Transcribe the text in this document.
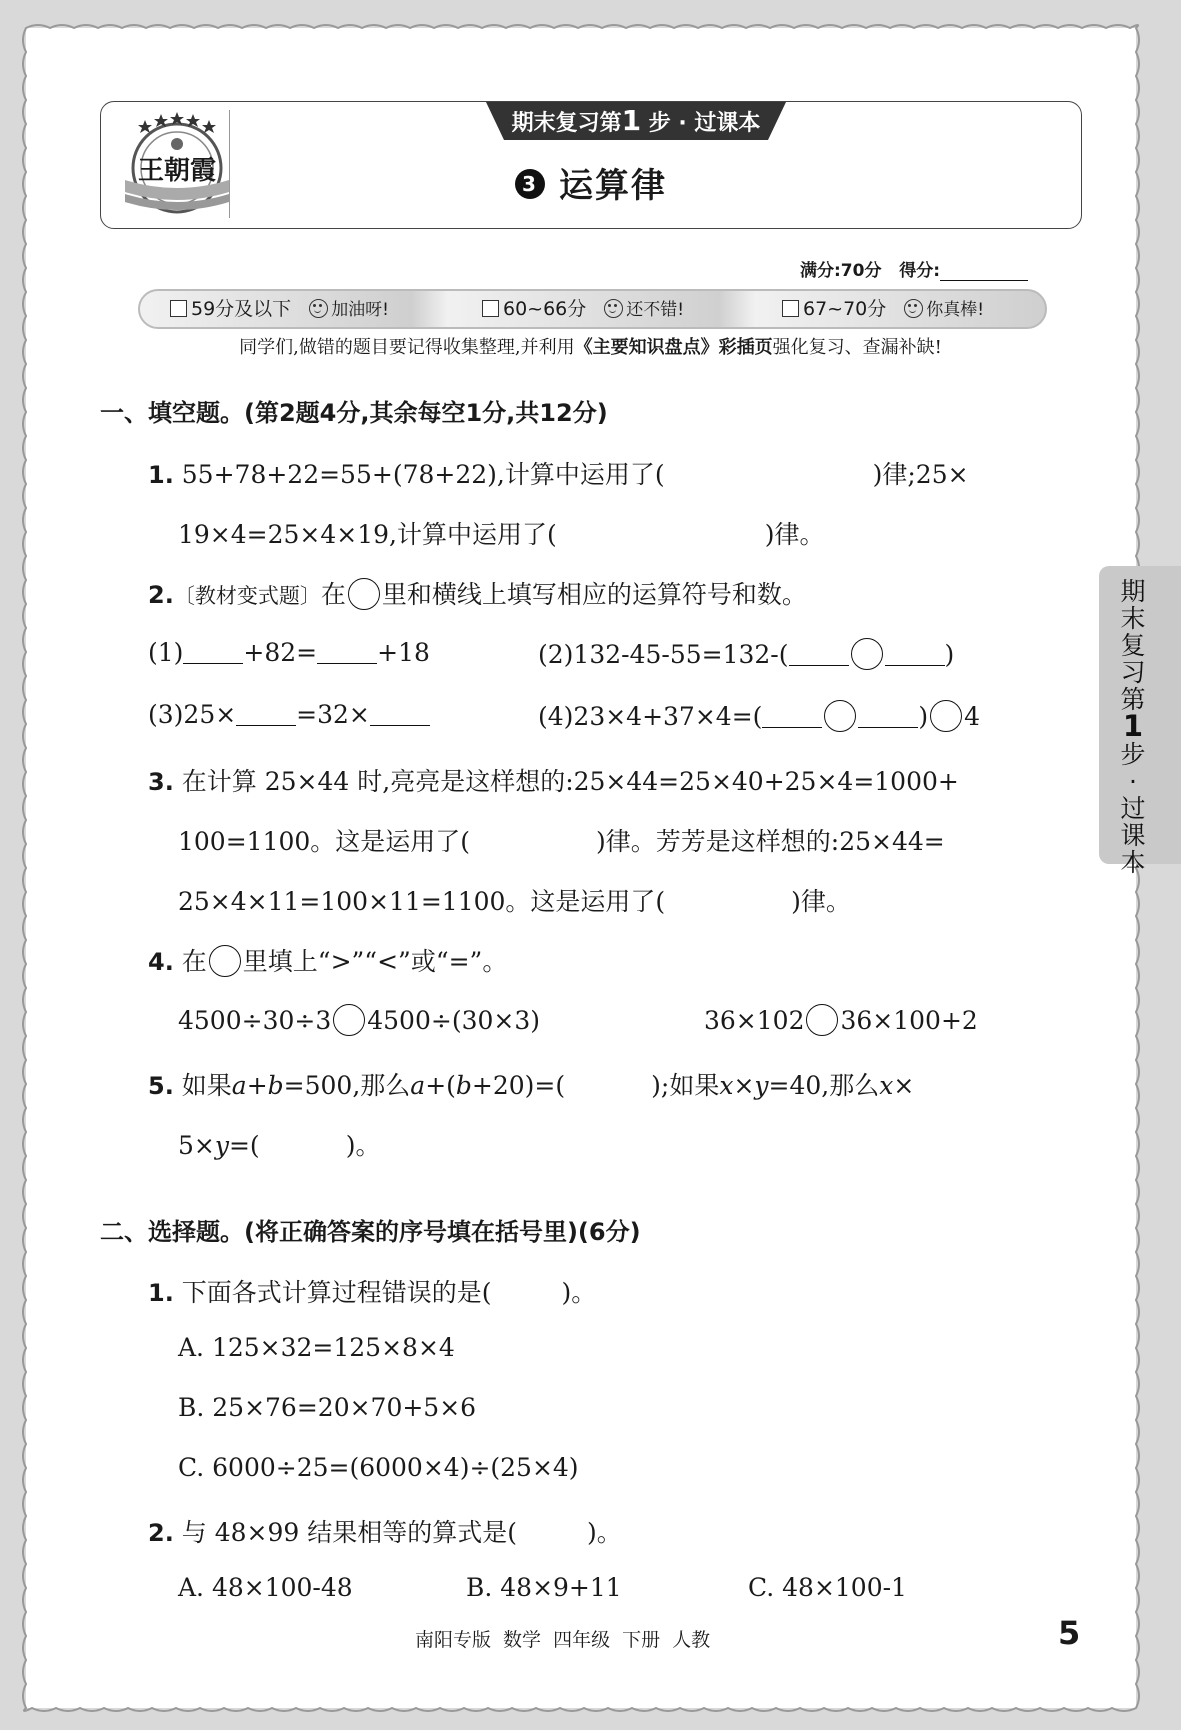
王朝霞
期末复习第1 步 · 过课本
3 运算律
满分:70分 得分:
59分及以下 加油呀!	60~66分 还不错!	67~70分 你真棒!
同学们,做错的题目要记得收集整理,并利用《主要知识盘点》彩插页强化复习、查漏补缺!
一、填空题。(第2题4分,其余每空1分,共12分)
1. 55+78+22=55+(78+22),计算中运用了(	)律;25×
19×4=25×4×19,计算中运用了(	)律。
2.〔教材变式题〕在 里和横线上填写相应的运算符号和数。
(1) +82= +18	(2)132-45-55=132-(	)
(3)25× =32×	(4)23×4+37×4=(	) 4
3. 在计算 25×44 时,亮亮是这样想的:25×44=25×40+25×4=1000+
100=1100。这是运用了(	)律。芳芳是这样想的:25×44=
25×4×11=100×11=1100。这是运用了(	)律。
4. 在 里填上“>”“<”或“=”。
4500÷30÷3 4500÷(30×3)	36×102 36×100+2
5. 如果a+b=500,那么a+(b+20)=(	);如果x×y=40,那么x×
5×y=(	)。
二、选择题。(将正确答案的序号填在括号里)(6分)
1. 下面各式计算过程错误的是(	)。
A. 125×32=125×8×4
B. 25×76=20×70+5×6
C. 6000÷25=(6000×4)÷(25×4)
2. 与 48×99 结果相等的算式是(	)。
A. 48×100-48	B. 48×9+11	C. 48×100-1
期
末
复
习
第
1
步
·
过
课
本
南阳专版 数学 四年级 下册 人教	5
